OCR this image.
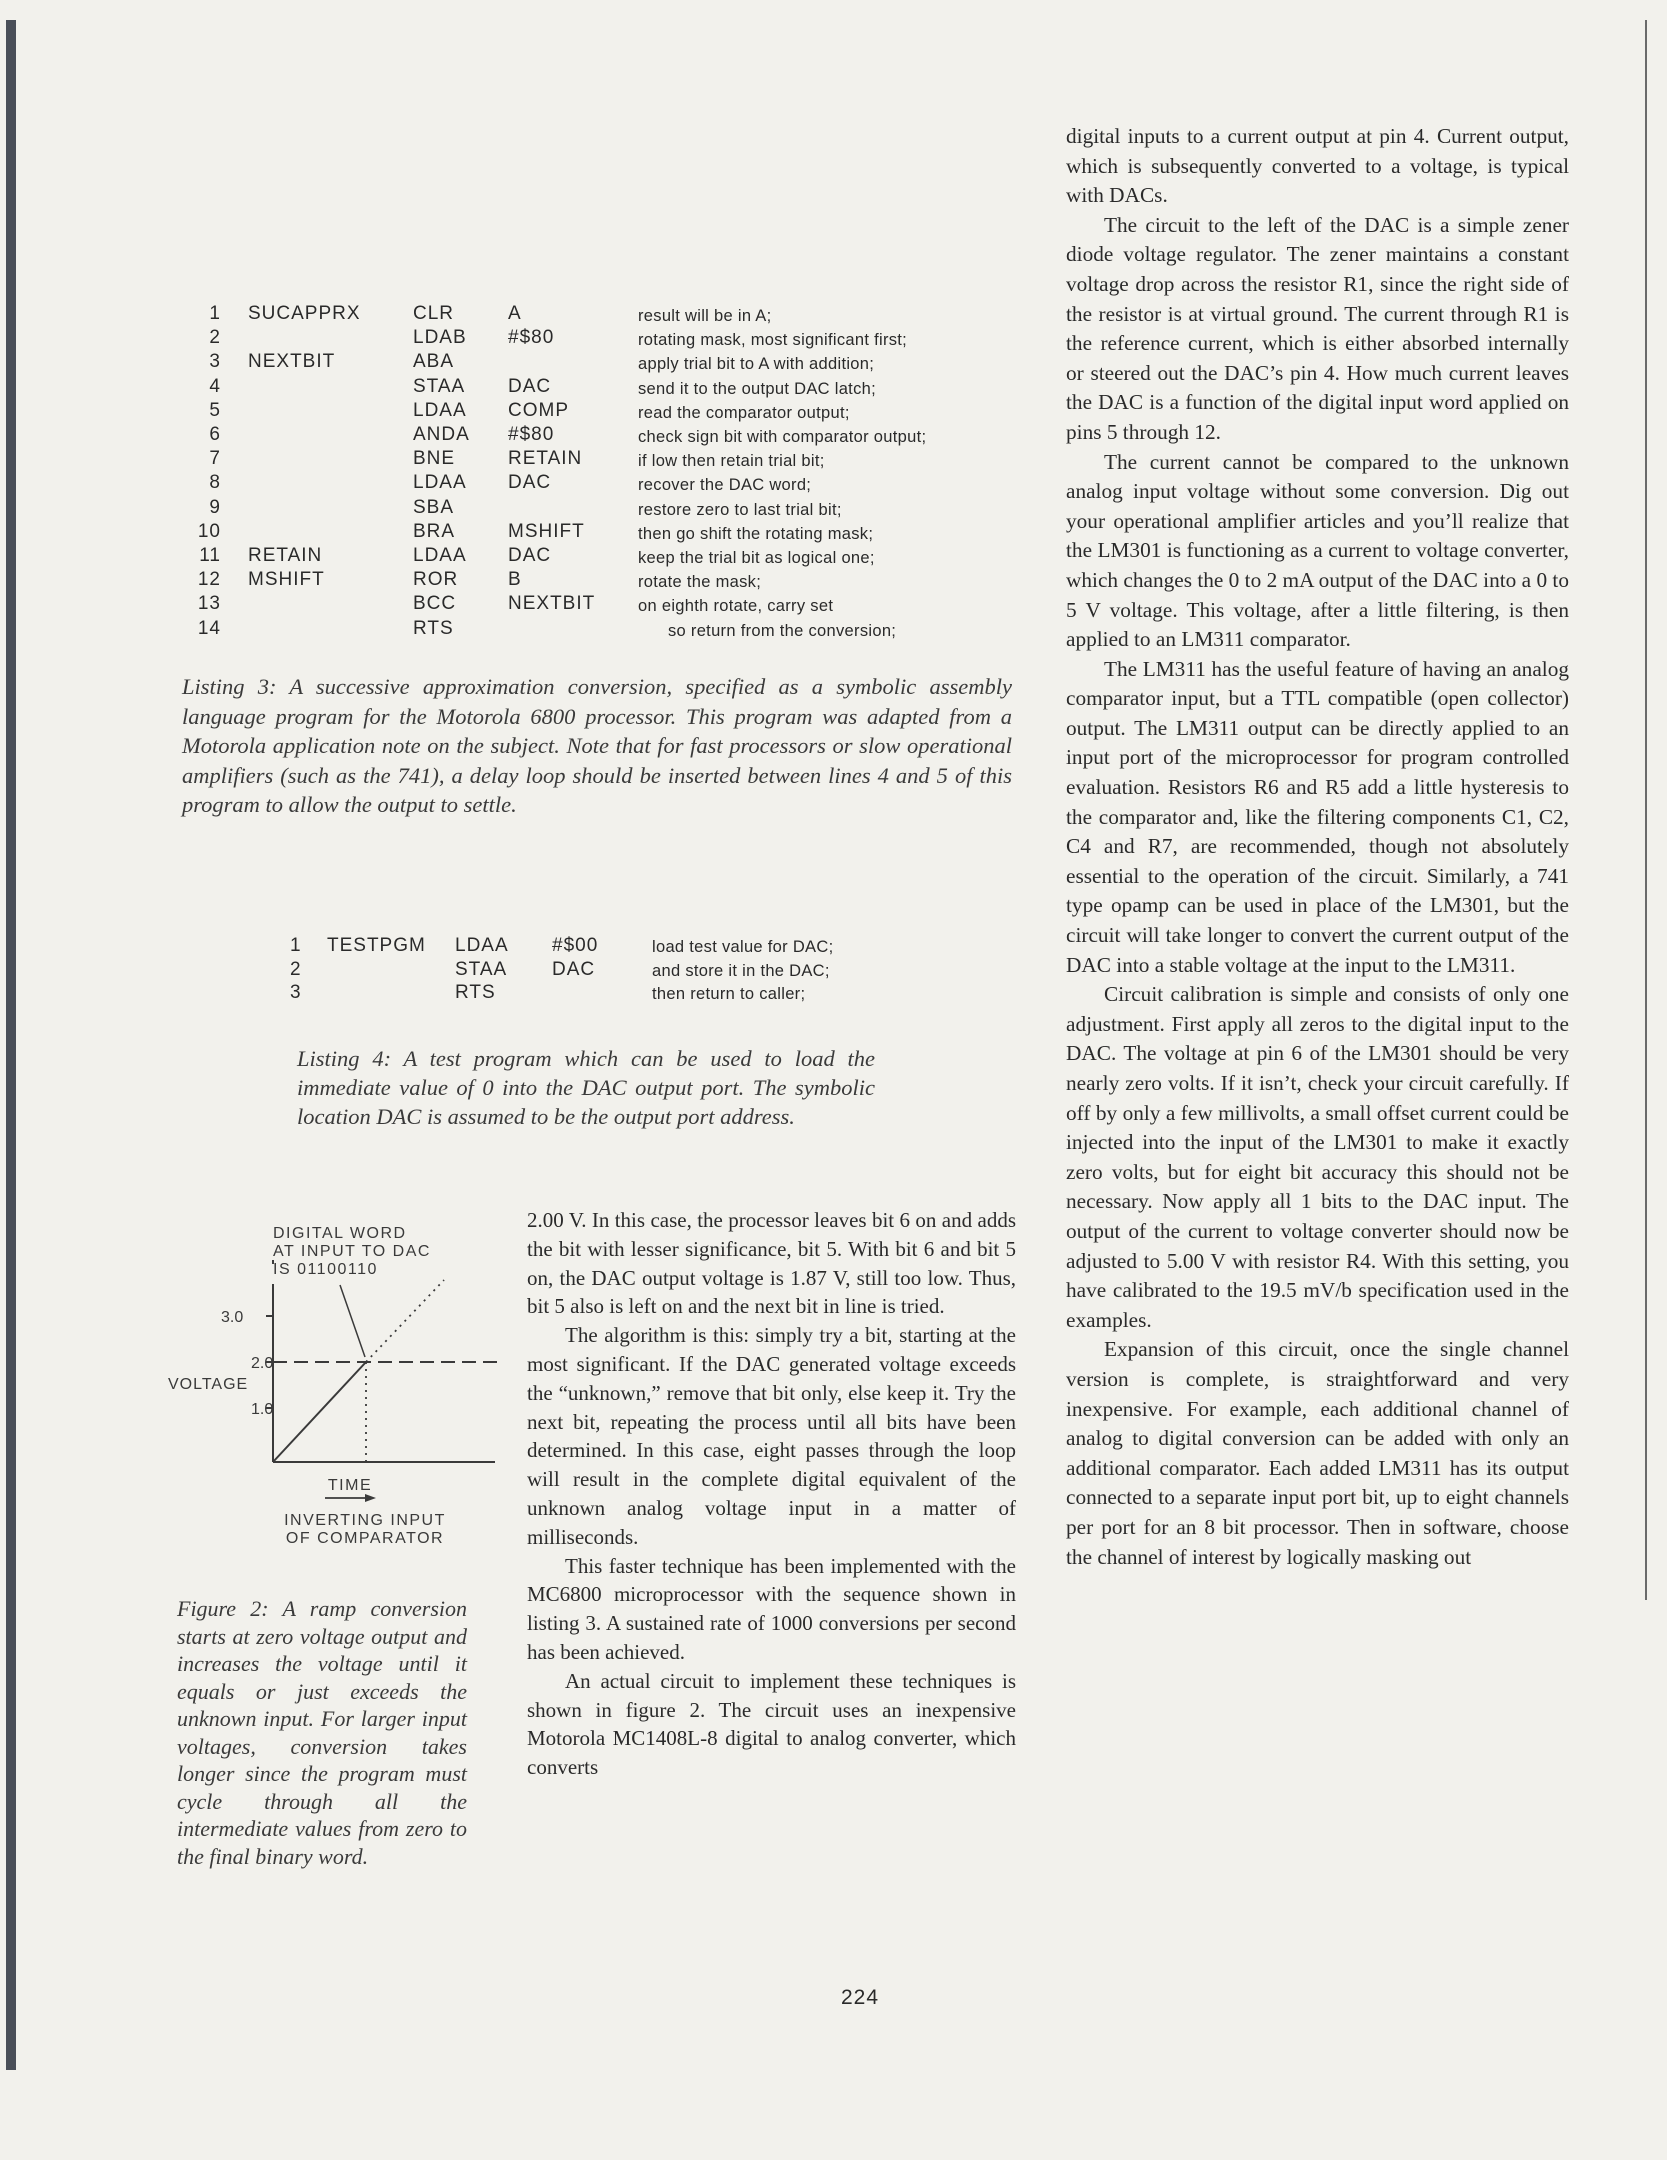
1 SUCAPPRX	CLR	A	result will be in A;
2	LDAB #$80	rotating mask, most significant first;
3 NEXTBIT	ABA	apply trial bit to A with addition;
4	STAA DAC	send it to the output DAC latch;
5	LDAA COMP	read the comparator output;
6	ANDA #$80	check sign bit with comparator output;
7	BNE	RETAIN	if low then retain trial bit;
8	LDAA DAC	recover the DAC word;
9	SBA	restore zero to last trial bit;
10	BRA	MSHIFT	then go shift the rotating mask;
11 RETAIN	LDAA DAC	keep the trial bit as logical one;
12 MSHIFT	ROR	B	rotate the mask;
13	BCC	NEXTBIT	on eighth rotate, carry set
14	RTS	so return from the conversion;

Listing 3: A successive approximation conversion, specified as a symbolic assembly language program for the Motorola 6800 processor. This program was adapted from a Motorola application note on the subject. Note that for fast processors or slow operational amplifiers (such as the 741), a delay loop should be inserted between lines 4 and 5 of this program to allow the output to settle.

1 TESTPGM LDAA #$00	load test value for DAC;
2	STAA DAC	and store it in the DAC;
3	RTS	then return to caller;

Listing 4: A test program which can be used to load the immediate value of 0 into the DAC output port. The symbolic location DAC is assumed to be the output port address.

DIGITAL WORD
AT INPUT TO DAC
IS 01100110
3.0
2.0
VOLTAGE
1.0
TIME
INVERTING INPUT
OF COMPARATOR

Figure 2: A ramp conversion starts at zero voltage output and increases the voltage until it equals or just exceeds the unknown input. For larger input voltages, conversion takes longer since the program must cycle through all the intermediate values from zero to the final binary word.

2.00 V. In this case, the processor leaves bit 6 on and adds the bit with lesser significance, bit 5. With bit 6 and bit 5 on, the DAC output voltage is 1.87 V, still too low. Thus, bit 5 also is left on and the next bit in line is tried.

The algorithm is this: simply try a bit, starting at the most significant. If the DAC generated voltage exceeds the “unknown,” remove that bit only, else keep it. Try the next bit, repeating the process until all bits have been determined. In this case, eight passes through the loop will result in the complete digital equivalent of the unknown analog voltage input in a matter of milliseconds.

This faster technique has been implemented with the MC6800 microprocessor with the sequence shown in listing 3. A sustained rate of 1000 conversions per second has been achieved.

An actual circuit to implement these techniques is shown in figure 2. The circuit uses an inexpensive Motorola MC1408L-8 digital to analog converter, which converts

digital inputs to a current output at pin 4. Current output, which is subsequently converted to a voltage, is typical with DACs.

The circuit to the left of the DAC is a simple zener diode voltage regulator. The zener maintains a constant voltage drop across the resistor R1, since the right side of the resistor is at virtual ground. The current through R1 is the reference current, which is either absorbed internally or steered out the DAC’s pin 4. How much current leaves the DAC is a function of the digital input word applied on pins 5 through 12.

The current cannot be compared to the unknown analog input voltage without some conversion. Dig out your operational amplifier articles and you’ll realize that the LM301 is functioning as a current to voltage converter, which changes the 0 to 2 mA output of the DAC into a 0 to 5 V voltage. This voltage, after a little filtering, is then applied to an LM311 comparator.

The LM311 has the useful feature of having an analog comparator input, but a TTL compatible (open collector) output. The LM311 output can be directly applied to an input port of the microprocessor for program controlled evaluation. Resistors R6 and R5 add a little hysteresis to the comparator and, like the filtering components C1, C2, C4 and R7, are recommended, though not absolutely essential to the operation of the circuit. Similarly, a 741 type opamp can be used in place of the LM301, but the circuit will take longer to convert the current output of the DAC into a stable voltage at the input to the LM311.

Circuit calibration is simple and consists of only one adjustment. First apply all zeros to the digital input to the DAC. The voltage at pin 6 of the LM301 should be very nearly zero volts. If it isn’t, check your circuit carefully. If off by only a few millivolts, a small offset current could be injected into the input of the LM301 to make it exactly zero volts, but for eight bit accuracy this should not be necessary. Now apply all 1 bits to the DAC input. The output of the current to voltage converter should now be adjusted to 5.00 V with resistor R4. With this setting, you have calibrated to the 19.5 mV/b specification used in the examples.

Expansion of this circuit, once the single channel version is complete, is straightforward and very inexpensive. For example, each additional channel of analog to digital conversion can be added with only an additional comparator. Each added LM311 has its output connected to a separate input port bit, up to eight channels per port for an 8 bit processor. Then in software, choose the channel of interest by logically masking out

224
